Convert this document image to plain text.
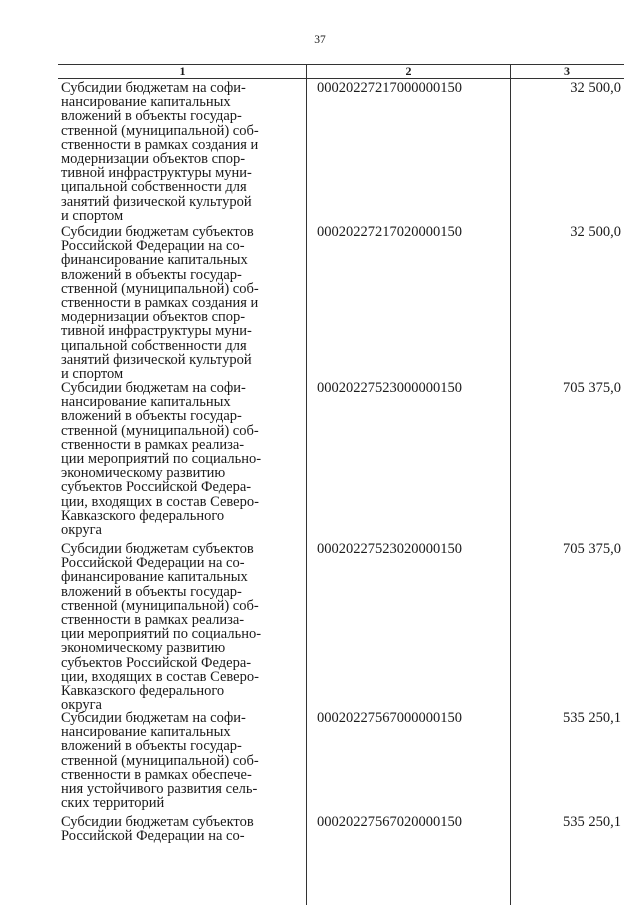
37
1	2	3
Субсидии бюджетам на софи-
нансирование капитальных
вложений в объекты государ-
ственной (муниципальной) соб-
ственности в рамках создания и
модернизации объектов спор-
тивной инфраструктуры муни-
ципальной собственности для
занятий физической культурой
и спортом
00020227217000000150	32 500,0
Субсидии бюджетам субъектов
Российской Федерации на со-
финансирование капитальных
вложений в объекты государ-
ственной (муниципальной) соб-
ственности в рамках создания и
модернизации объектов спор-
тивной инфраструктуры муни-
ципальной собственности для
занятий физической культурой
и спортом
00020227217020000150	32 500,0
Субсидии бюджетам на софи-
нансирование капитальных
вложений в объекты государ-
ственной (муниципальной) соб-
ственности в рамках реализа-
ции мероприятий по социально-
экономическому развитию
субъектов Российской Федера-
ции, входящих в состав Северо-
Кавказского федерального
округа
00020227523000000150	705 375,0
Субсидии бюджетам субъектов
Российской Федерации на со-
финансирование капитальных
вложений в объекты государ-
ственной (муниципальной) соб-
ственности в рамках реализа-
ции мероприятий по социально-
экономическому развитию
субъектов Российской Федера-
ции, входящих в состав Северо-
Кавказского федерального
округа
00020227523020000150	705 375,0
Субсидии бюджетам на софи-
нансирование капитальных
вложений в объекты государ-
ственной (муниципальной) соб-
ственности в рамках обеспече-
ния устойчивого развития сель-
ских территорий
00020227567000000150	535 250,1
Субсидии бюджетам субъектов
Российской Федерации на со-
00020227567020000150	535 250,1
